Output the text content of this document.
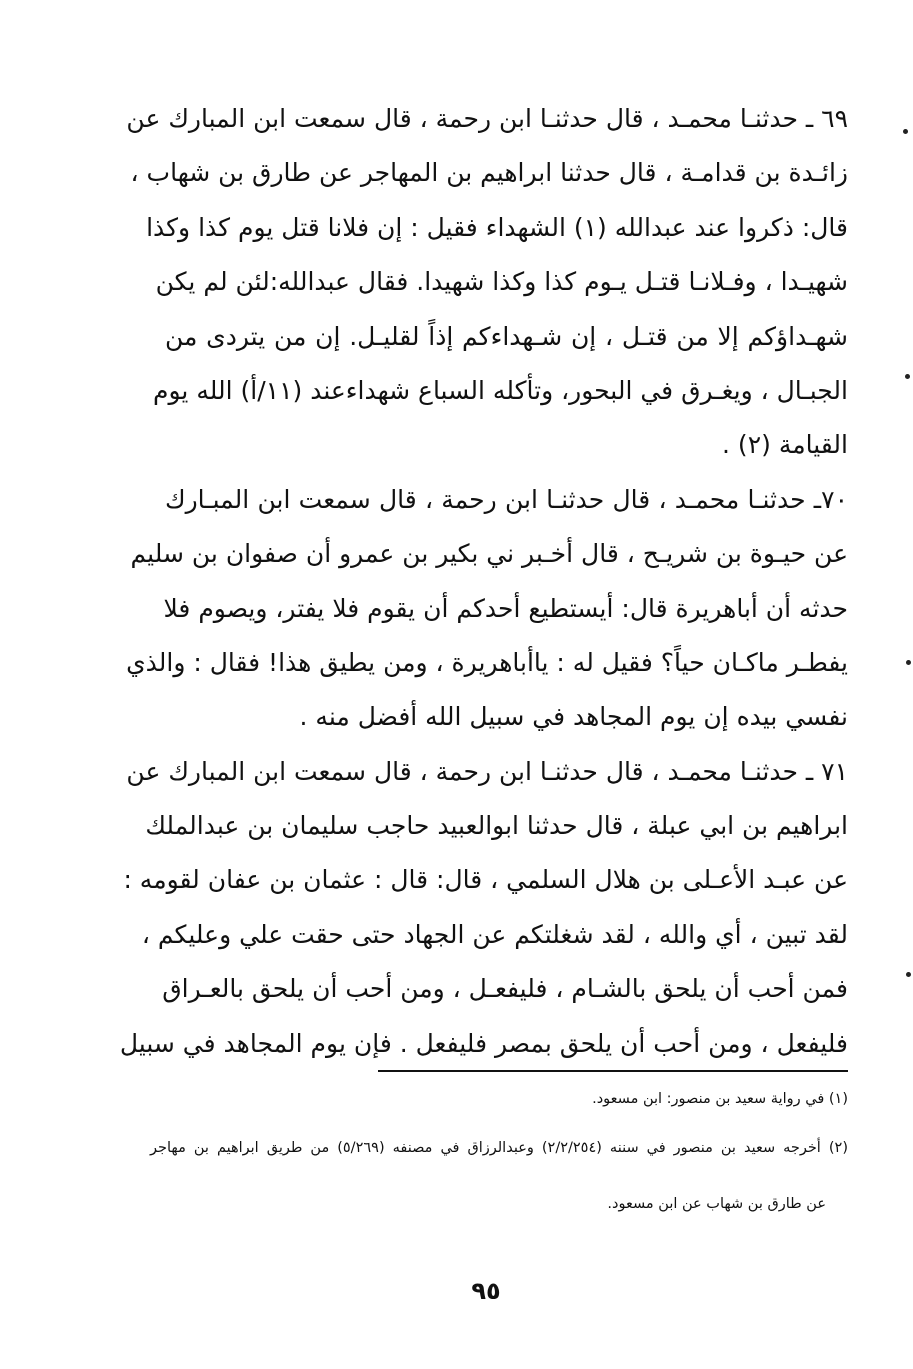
٦٩ ـ حدثنـا محمـد ، قال حدثنـا ابن رحمة ، قال سمعت ابن المبارك عن
زائـدة بن قدامـة ، قال حدثنا ابراهيم بن المهاجر عن طارق بن شهاب ،
قال: ذكروا عند عبدالله (١) الشهداء فقيل : إن فلانا قتل يوم كذا وكذا
شهيـدا ، وفـلانـا قتـل يـوم كذا وكذا شهيدا. فقال عبدالله:لئن لم يكن
شهـداؤكم إلا من قتـل ، إن شـهداءكم إذاً لقليـل. إن من يتردى من
الجبـال ، ويغـرق في البحور، وتأكله السباع شهداءعند (١١/أ) الله يوم
القيامة (٢) .
٧٠ـ حدثنـا محمـد ، قال حدثنـا ابن رحمة ، قال سمعت ابن المبـارك
عن حيـوة بن شريـح ، قال أخـبر ني بكير بن عمرو أن صفوان بن سليم
حدثه أن أباهريرة قال: أيستطيع أحدكم أن يقوم فلا يفتر، ويصوم فلا
يفطـر ماكـان حياً؟ فقيل له : ياأباهريرة ، ومن يطيق هذا! فقال : والذي
نفسي بيده إن يوم المجاهد في سبيل الله أفضل منه .
٧١ ـ حدثنـا محمـد ، قال حدثنـا ابن رحمة ، قال سمعت ابن المبارك عن
ابراهيم بن ابي عبلة ، قال حدثنا ابوالعبيد حاجب سليمان بن عبدالملك
عن عبـد الأعـلى بن هلال السلمي ، قال: قال : عثمان بن عفان لقومه :
لقد تبين ، أي والله ، لقد شغلتكم عن الجهاد حتى حقت علي وعليكم ،
فمن أحب أن يلحق بالشـام ، فليفعـل ، ومن أحب أن يلحق بالعـراق
فليفعل ، ومن أحب أن يلحق بمصر فليفعل . فإن يوم المجاهد في سبيل
(١) في رواية سعيد بن منصور: ابن مسعود.
(٢) أخرجه سعيد بن منصور في سننه (٢/٢/٢٥٤) وعبدالرزاق في مصنفه (٥/٢٦٩) من طريق ابراهيم بن مهاجر
عن طارق بن شهاب عن ابن مسعود.
٩٥
